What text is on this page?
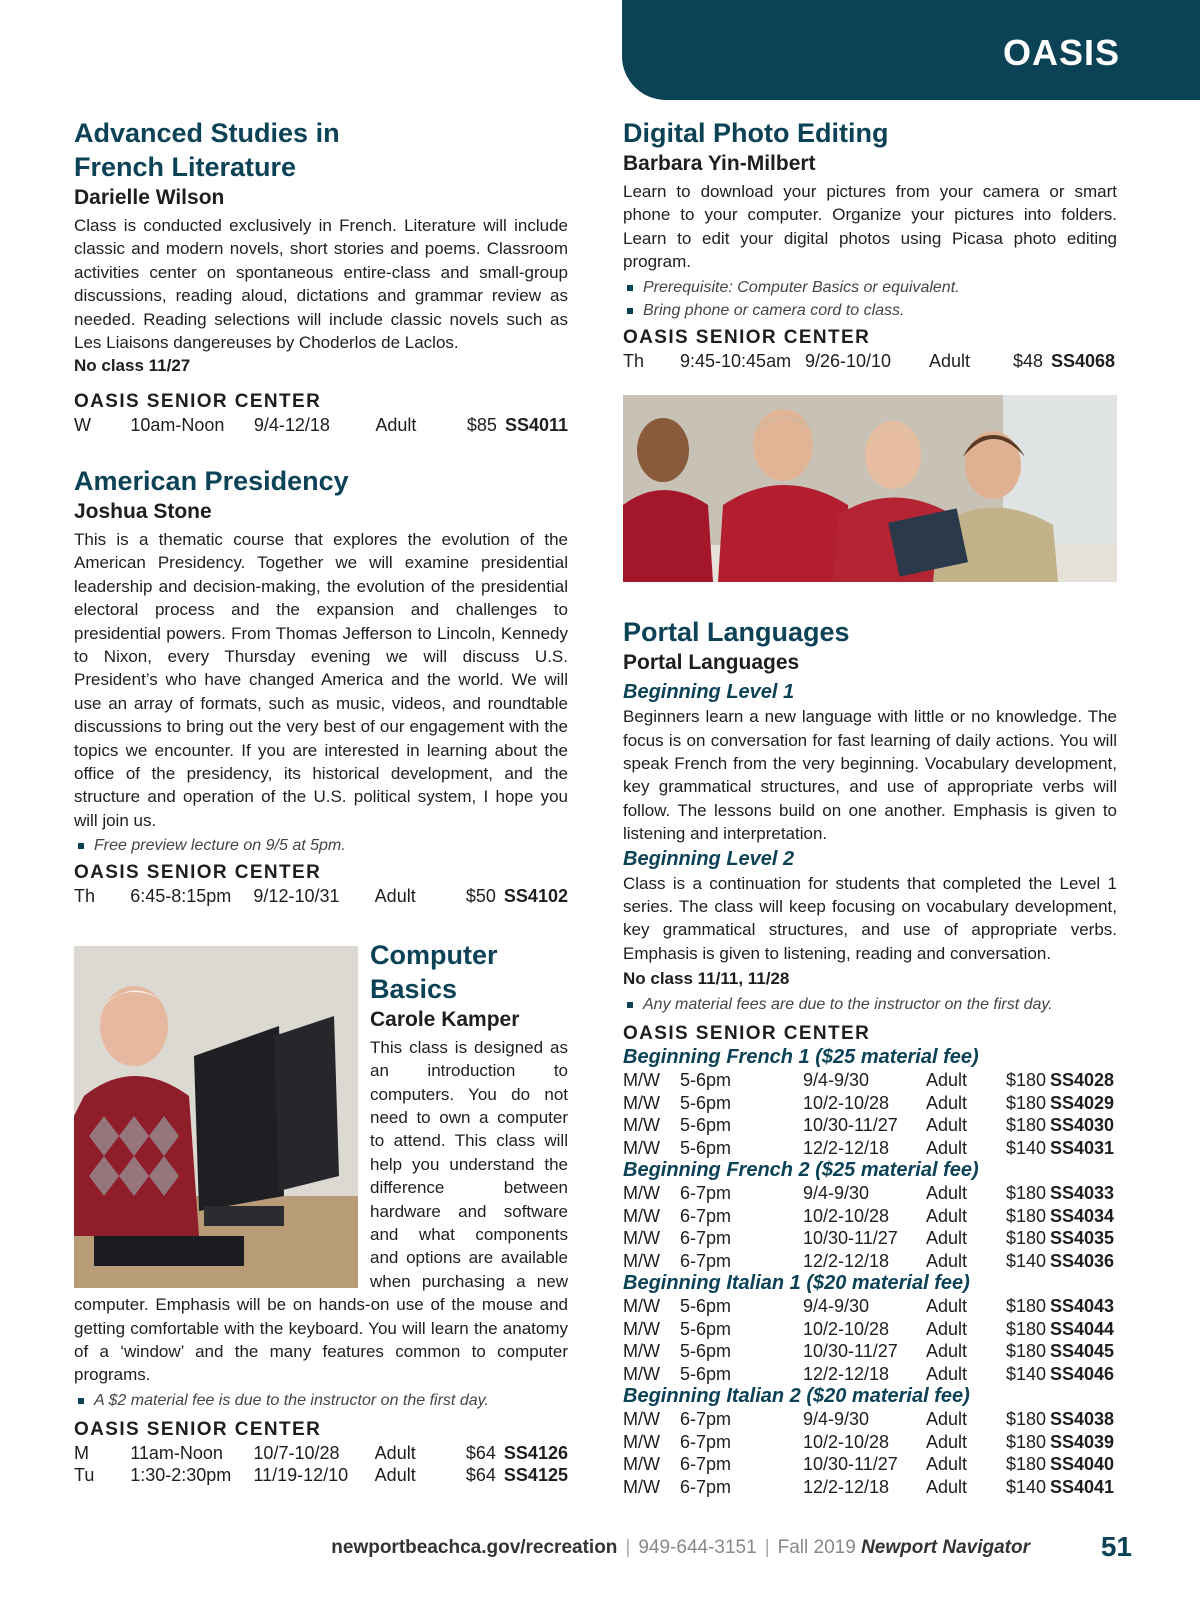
OASIS
Advanced Studies in
French Literature

Darielle Wilson

Class is conducted exclusively in French. Literature will include classic and modern novels, short stories and poems. Classroom activities center on spontaneous entire-class and small-group discussions, reading aloud, dictations and grammar review as needed. Reading selections will include classic novels such as Les Liaisons dangereuses by Choderlos de Laclos.

No class 11/27

OASIS SENIOR CENTER

W	10am-Noon	9/4-12/18	Adult	$85 SS4011
American Presidency

Joshua Stone

This is a thematic course that explores the evolution of the American Presidency. Together we will examine presidential leadership and decision-making, the evolution of the presidential electoral process and the expansion and challenges to presidential powers. From Thomas Jefferson to Lincoln, Kennedy to Nixon, every Thursday evening we will discuss U.S. President’s who have changed America and the world. We will use an array of formats, such as music, videos, and roundtable discussions to bring out the very best of our engagement with the topics we encounter. If you are interested in learning about the office of the presidency, its historical development, and the structure and operation of the U.S. political system, I hope you will join us.

Free preview lecture on 9/5 at 5pm.

OASIS SENIOR CENTER

Th	6:45-8:15pm	9/12-10/31	Adult	$50 SS4102
Computer
Basics

Carole Kamper

This class is designed as an introduction to computers. You do not need to own a computer to attend. This class will help you understand the difference between hardware and software and what components and options are available when purchasing a new computer. Emphasis will be on hands-on use of the mouse and getting comfortable with the keyboard. You will learn the anatomy of a ‘window’ and the many features common to computer programs.

A $2 material fee is due to the instructor on the first day.

OASIS SENIOR CENTER

M	11am-Noon	10/7-10/28	Adult	$64 SS4126
Tu	1:30-2:30pm	11/19-12/10	Adult	$64 SS4125
Digital Photo Editing

Barbara Yin-Milbert

Learn to download your pictures from your camera or smart phone to your computer. Organize your pictures into folders. Learn to edit your digital photos using Picasa photo editing program.

Prerequisite: Computer Basics or equivalent.
Bring phone or camera cord to class.

OASIS SENIOR CENTER

Th	9:45-10:45am 9/26-10/10	Adult	$48 SS4068
Portal Languages

Portal Languages

Beginning Level 1

Beginners learn a new language with little or no knowledge. The focus is on conversation for fast learning of daily actions. You will speak French from the very beginning. Vocabulary development, key grammatical structures, and use of appropriate verbs will follow. The lessons build on one another. Emphasis is given to listening and interpretation.

Beginning Level 2

Class is a continuation for students that completed the Level 1 series. The class will keep focusing on vocabulary development, key grammatical structures, and use of appropriate verbs. Emphasis is given to listening, reading and conversation.

No class 11/11, 11/28

Any material fees are due to the instructor on the first day.

OASIS SENIOR CENTER

Beginning French 1 ($25 material fee)

M/W	5-6pm	9/4-9/30	Adult	$180 SS4028
M/W	5-6pm	10/2-10/28	Adult	$180 SS4029
M/W	5-6pm	10/30-11/27	Adult	$180 SS4030
M/W	5-6pm	12/2-12/18	Adult	$140 SS4031

Beginning French 2 ($25 material fee)

M/W	6-7pm	9/4-9/30	Adult	$180 SS4033
M/W	6-7pm	10/2-10/28	Adult	$180 SS4034
M/W	6-7pm	10/30-11/27	Adult	$180 SS4035
M/W	6-7pm	12/2-12/18	Adult	$140 SS4036

Beginning Italian 1 ($20 material fee)

M/W	5-6pm	9/4-9/30	Adult	$180 SS4043
M/W	5-6pm	10/2-10/28	Adult	$180 SS4044
M/W	5-6pm	10/30-11/27	Adult	$180 SS4045
M/W	5-6pm	12/2-12/18	Adult	$140 SS4046

Beginning Italian 2 ($20 material fee)

M/W	6-7pm	9/4-9/30	Adult	$180 SS4038
M/W	6-7pm	10/2-10/28	Adult	$180 SS4039
M/W	6-7pm	10/30-11/27	Adult	$180 SS4040
M/W	6-7pm	12/2-12/18	Adult	$140 SS4041
newportbeachca.gov/recreation | 949-644-3151 | Fall 2019 Newport Navigator	51
